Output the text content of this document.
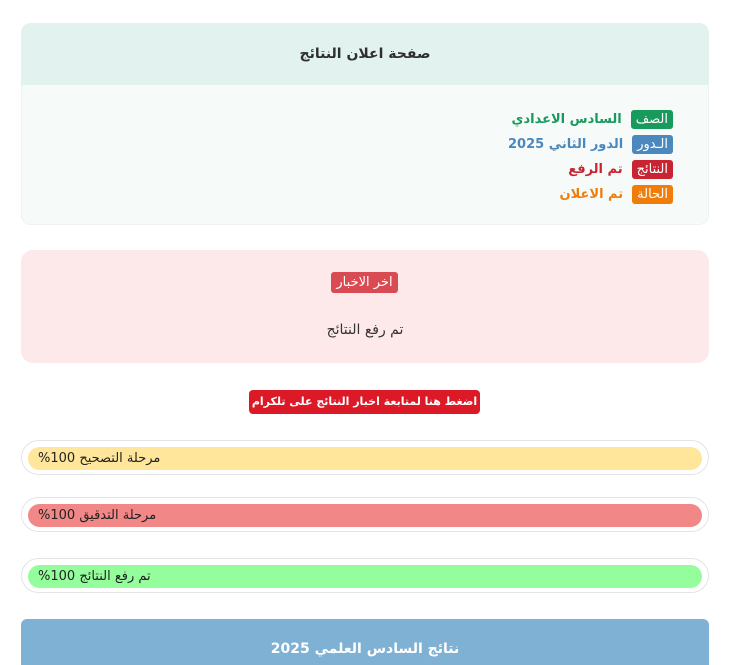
صفحة اعلان النتائج
الصف
السادس الاعدادي
الـدور
الدور الثاني 2025
النتائج
تم الرفع
الحالة
تم الاعلان
اخر الاخبار
تم رفع النتائج
اضغط هنا لمتابعة اخبار النتائج على تلكرام
مرحلة التصحيح 100%
مرحلة التدقيق 100%
تم رفع النتائج 100%
نتائج السادس العلمي 2025
